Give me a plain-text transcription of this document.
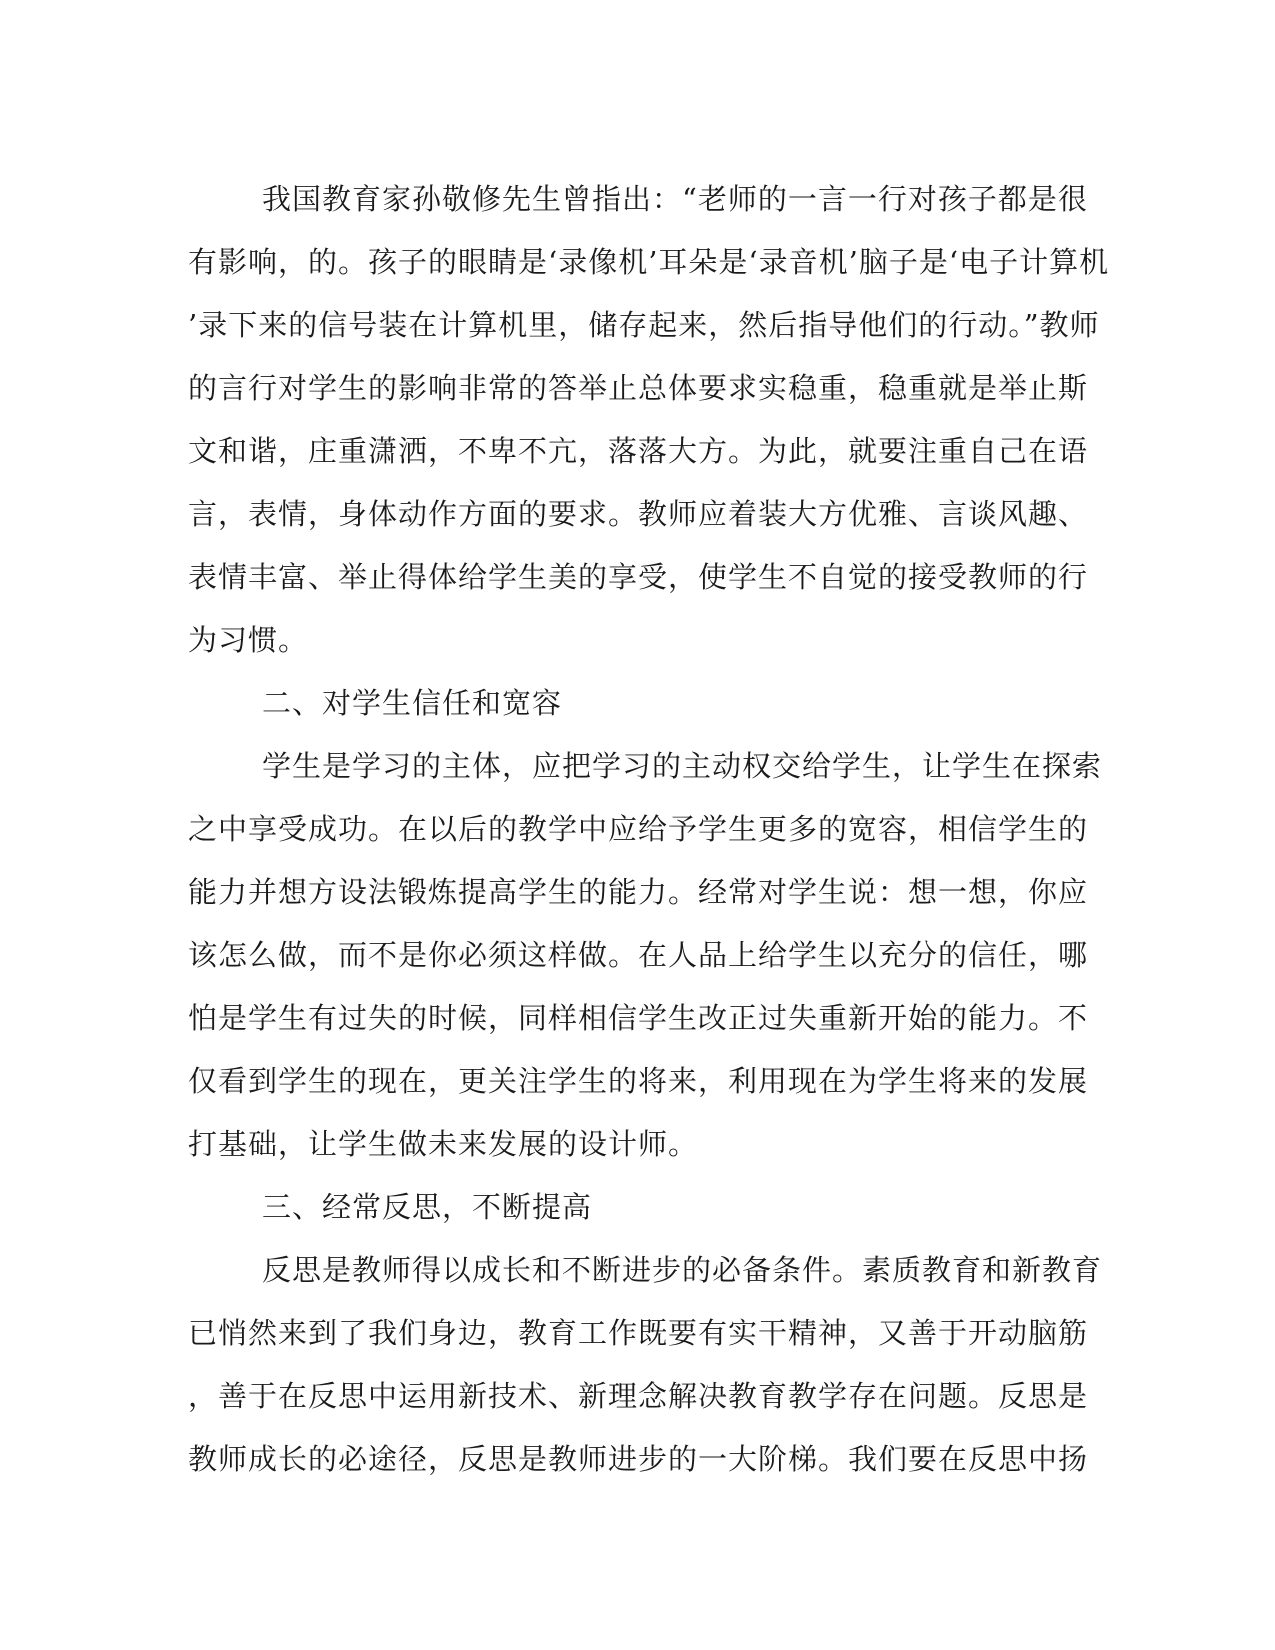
我国教育家孙敬修先生曾指出：“老师的一言一行对孩子都是很
有影响，的。孩子的眼睛是‘录像机’耳朵是‘录音机’脑子是‘电子计算机
’录下来的信号装在计算机里，储存起来，然后指导他们的行动。”教师
的言行对学生的影响非常的答举止总体要求实稳重，稳重就是举止斯
文和谐，庄重潇洒，不卑不亢，落落大方。为此，就要注重自己在语
言，表情，身体动作方面的要求。教师应着装大方优雅、言谈风趣、
表情丰富、举止得体给学生美的享受，使学生不自觉的接受教师的行
为习惯。
二、对学生信任和宽容
学生是学习的主体，应把学习的主动权交给学生，让学生在探索
之中享受成功。在以后的教学中应给予学生更多的宽容，相信学生的
能力并想方设法锻炼提高学生的能力。经常对学生说：想一想，你应
该怎么做，而不是你必须这样做。在人品上给学生以充分的信任，哪
怕是学生有过失的时候，同样相信学生改正过失重新开始的能力。不
仅看到学生的现在，更关注学生的将来，利用现在为学生将来的发展
打基础，让学生做未来发展的设计师。
三、经常反思，不断提高
反思是教师得以成长和不断进步的必备条件。素质教育和新教育
已悄然来到了我们身边，教育工作既要有实干精神，又善于开动脑筋
，善于在反思中运用新技术、新理念解决教育教学存在问题。反思是
教师成长的必途径，反思是教师进步的一大阶梯。我们要在反思中扬
